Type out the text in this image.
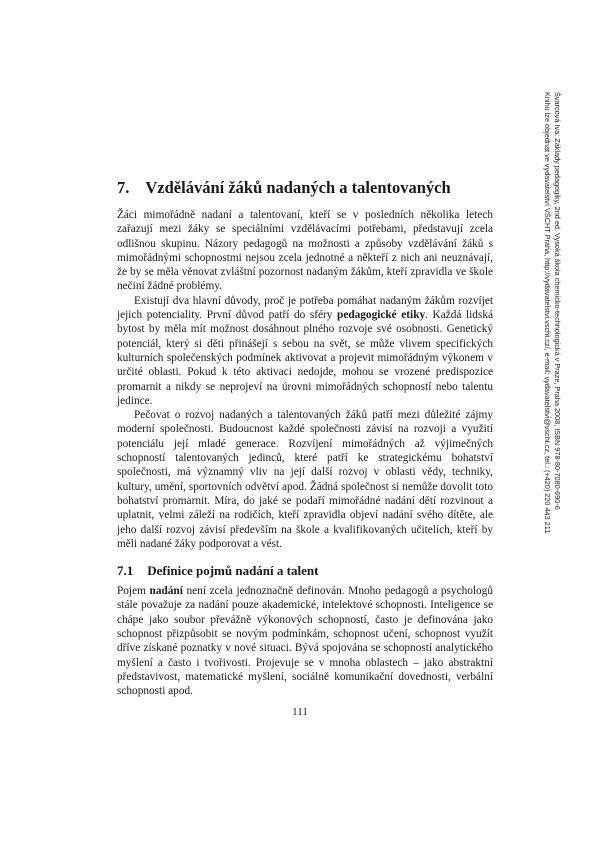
Švarcová Iva: Základy pedagogiky, 2nd ed. Vysoká škola chemicko-technologická v Praze, Praha 2008, ISBN 978-80-7080-690-6
Knihu lze objednat ve vydavatelství VŠCHT Praha, http://vydavatelstvi.vscht.cz/, e-mail: vydavatelstvi@vscht.cz, tel.: (+420) 220 443 211
7. Vzdělávání žáků nadaných a talentovaných

Žáci mimořádně nadaní a talentovaní, kteří se v posledních několika letech zařazují mezi žáky se speciálními vzdělávacími potřebami, představují zcela odlišnou skupinu. Názory pedagogů na možnosti a způsoby vzdělávání žáků s mimořádnými schopnostmi nejsou zcela jednotné a někteří z nich ani neuznávají, že by se měla věnovat zvláštní pozornost nadaným žákům, kteří zpravidla ve škole nečiní žádné problémy.

Existují dva hlavní důvody, proč je potřeba pomáhat nadaným žákům rozvíjet jejich potenciality. První důvod patří do sféry pedagogické etiky. Každá lidská bytost by měla mít možnost dosáhnout plného rozvoje své osobnosti. Genetický potenciál, který si děti přinášejí s sebou na svět, se může vlivem specifických kulturních společenských podmínek aktivovat a projevit mimořádným výkonem v určité oblasti. Pokud k této aktivaci nedojde, mohou se vrozené predispozice promarnit a nikdy se neprojeví na úrovni mimořádných schopností nebo talentu jedince.

Pečovat o rozvoj nadaných a talentovaných žáků patří mezi důležité zájmy moderní společnosti. Budoucnost každé společnosti závisí na rozvoji a využití potenciálu její mladé generace. Rozvíjení mimořádných až výjimečných schopností talentovaných jedinců, které patří ke strategickému bohatství společnosti, má významný vliv na její další rozvoj v oblasti vědy, techniky, kultury, umění, sportovních odvětví apod. Žádná společnost si nemůže dovolit toto bohatství promarnit. Míra, do jaké se podaří mimořádné nadání dětí rozvinout a uplatnit, velmi záleží na rodičích, kteří zpravidla objeví nadání svého dítěte, ale jeho další rozvoj závisí především na škole a kvalifikovaných učitelích, kteří by měli nadané žáky podporovat a vést.

7.1 Definice pojmů nadání a talent

Pojem nadání není zcela jednoznačně definován. Mnoho pedagogů a psychologů stále považuje za nadání pouze akademické, intelektové schopnosti. Inteligence se chápe jako soubor převážně výkonových schopností, často je definována jako schopnost přizpůsobit se novým podmínkám, schopnost učení, schopnost využít dříve získané poznatky v nové situaci. Bývá spojována se schopností analytického myšlení a často i tvořivosti. Projevuje se v mnoha oblastech – jako abstraktní představivost, matematické myšlení, sociálně komunikační dovednosti, verbální schopnosti apod.

111
